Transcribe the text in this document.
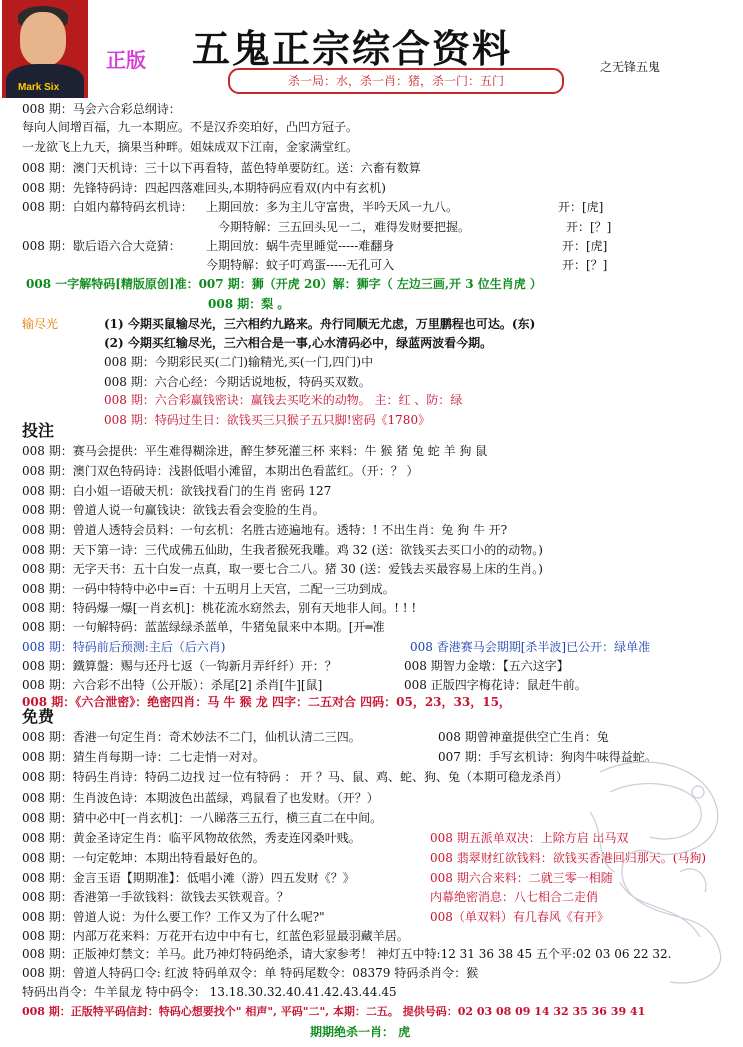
Mark Six
正版 五鬼正宗综合资料	之无锋五鬼
杀一局：水，杀一肖：猪，杀一门：五门
008 期：马会六合彩总纲诗：
每向人间增百福，九一本期应。不是汉乔奕珀好，凸凹方冠子。
一龙欲飞上九天，摘果当种畔。姐妹成双下江南，金家满堂红。
008 期：澳门天机诗：三十以下再看特，蓝色特单要防红。送：六畜有数算
008 期：先锋特码诗：四起四落难回头,本期特码应看双(内中有玄机)
008 期：白姐内幕特码玄机诗： 上期回放：多为主儿守富贵，半吟天风一九八。	开：[虎]
今期特解：三五回头见一二，难得发财要把握。	开：[？]
008 期：歇后语六合大竞猜： 上期回放：蜗牛壳里睡觉-----难翻身	开：[虎]
今期特解：蚊子叮鸡蛋-----无孔可入	开：[？]
008 一字解特码[精版原创]准：007 期：狮（开虎 20）解：狮字（ 左边三画,开 3 位生肖虎 ）
008 期：梨 。
输尽光	(1) 今期买鼠输尽光，三六相约九路来。舟行同顺无尤虑，万里鹏程也可达。(东)
(2) 今期买红输尽光，三六相合是一事,心水清码必中，绿蓝两波看今期。
008 期：今期彩民买(二门)输精光,买(一门,四门)中
008 期：六合心经：今期话说地板，特码买双数。
008 期：六合彩赢钱密诀：赢钱去买吃米的动物。 主：红 、防：绿
008 期：特码过生日：欲钱买三只猴子五只脚!密码《1780》
投注
008 期：赛马会提供：平生难得糊涂进，醉生梦死灌三杯 来料：牛 猴 猪 兔 蛇 羊 狗 鼠
008 期：澳门双色特码诗：浅斟低唱小滩留，本期出色看蓝红。（开：？ ）
008 期：白小姐一语破天机：欲钱找看门的生肖 密码 127
008 期：曾道人说一句赢钱诀：欲钱去看会变脸的生肖。
008 期：曾道人透特会员料：一句玄机：名胜古迹遍地有。透特：! 不出生肖：兔 狗 牛 开?
008 期：天下第一诗：三代成佛五仙助，生我者猴死我雕。鸡 32 (送：欲钱买去买口小的的动物。)
008 期：无字天书：五十白发一点真，取一要七合二八。猪 30 (送：爱钱去买最容易上床的生肖。)
008 期：一码中特特中必中=百：十五明月上天宫，二配一三功到成。
008 期：特码爆一爆[一肖玄机]：桃花流水窈然去，别有天地非人间。! ! !
008 期：一句解特码：蓝蓝绿绿杀蓝单，牛猪兔鼠来中本期。[开═准
008 期：特码前后预测:主后（后六肖)	008 香港赛马会期期[杀半波]已公开：绿单准
008 期：鐵算盤：赐与还丹七返（一钩新月弄纤纤）开：？	008 期智力金墩：【五六这字】
008 期：六合彩不出特（公开版）：杀尾[2] 杀肖[牛][鼠]	008 正版四字梅花诗：鼠赶牛前。
008 期：《六合泄密》：绝密四肖：马 牛 猴 龙 四字：二五对合 四码：05，23，33，15，
免费
008 期：香港一句定生肖：奇术妙法不二门，仙机认清二三四。	008 期曾神童提供空亡生肖：兔
008 期：猜生肖每期一诗：二七走悄一对对。	007 期：手写玄机诗：狗肉牛味得益蛇。
008 期：特码生肖诗：特码二边找 过一位有特码 ： 开 ？马、鼠、鸡、蛇、狗、兔（本期可稳龙杀肖）
008 期：生肖波色诗：本期波色出蓝绿，鸡鼠看了也发财。（开？）
008 期：猜中必中[一肖玄机]：一八睇落三五行，横三直二在中间。
008 期：黄金圣诗定生肖：临平风物故依然，秀麦连冈桑叶贱。	008 期五派单双决：上除方启 出马双
008 期：一句定乾坤：本期出特看最好色的。	008 翡翠财红欲钱料：欲钱买香港回归那天。(马狗)
008 期：金言玉语【期期准】：低唱小滩（游）四五发财《？》	008 期六合来料：二就三零一相随
008 期：香港第一手欲钱料：欲钱去买铁观音。？	内幕绝密消息：八七相合二走俏
008 期：曾道人说：为什么要工作？工作又为了什么呢?"	008（单双料）有几春风《有开》
008 期：内部万花来料：万花开右边中中有七，红蓝色彩显最羽藏羊居。
008 期：正版神灯禁文：羊马。此乃神灯特码绝杀，请大家参考！ 神灯五中特:12 31 36 38 45 五个平:02 03 06 22 32.
008 期：曾道人特码口令: 红波 特码单双令：单 特码尾数令：08379 特码杀肖令：猴
特码出肖令：牛羊鼠龙 特中码令： 13.18.30.32.40.41.42.43.44.45
008 期：正版特平码信封：特码心想要找个" 相声", 平码"二", 本期：二五。 提供号码：02 03 08 09 14 32 35 36 39 41
期期绝杀一肖： 虎
